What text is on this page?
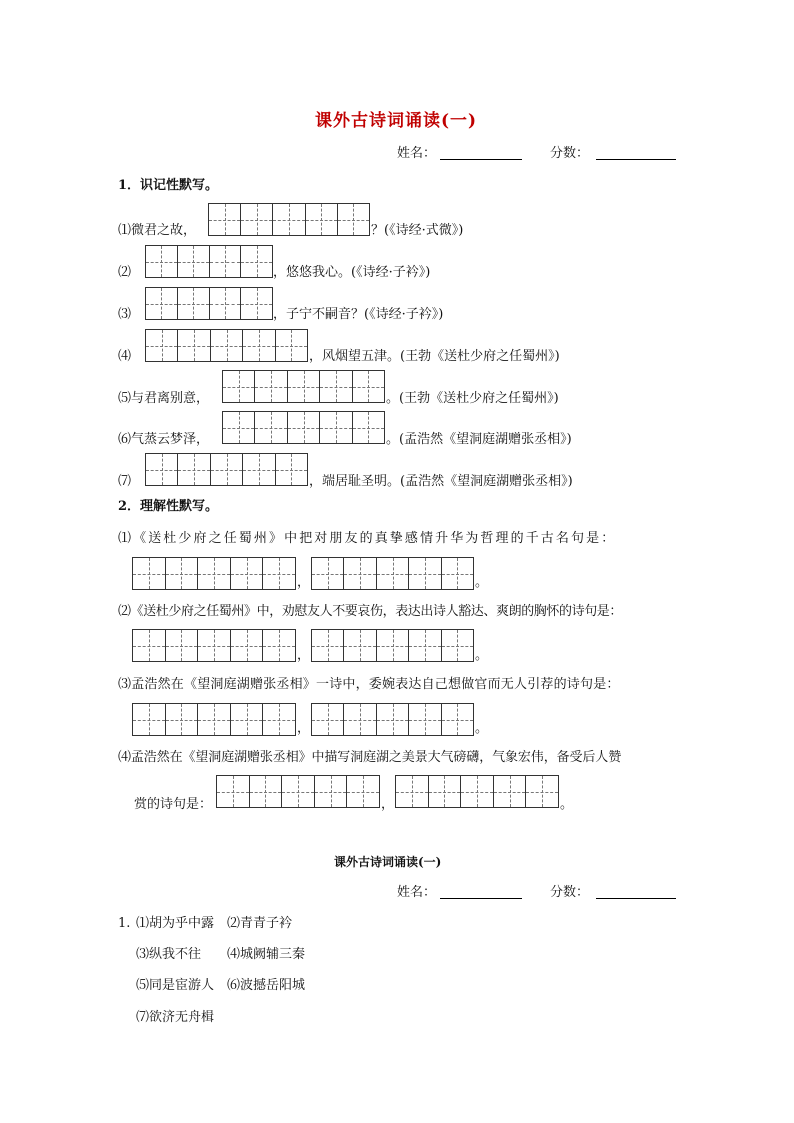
课外古诗词诵读(一)
姓名：	分数：
1．识记性默写。
⑴微君之故，	？(《诗经·式微》)
⑵	，悠悠我心。(《诗经·子衿》)
⑶	，子宁不嗣音？(《诗经·子衿》)
⑷	，风烟望五津。(王勃《送杜少府之任蜀州》)
⑸与君离别意，	。(王勃《送杜少府之任蜀州》)
⑹气蒸云梦泽，	。(孟浩然《望洞庭湖赠张丞相》)
⑺	，端居耻圣明。(孟浩然《望洞庭湖赠张丞相》)
2．理解性默写。
⑴《送杜少府之任蜀州》中把对朋友的真挚感情升华为哲理的千古名句是：
，	。
⑵《送杜少府之任蜀州》中，劝慰友人不要哀伤，表达出诗人豁达、爽朗的胸怀的诗句是：
，	。
⑶孟浩然在《望洞庭湖赠张丞相》一诗中，委婉表达自己想做官而无人引荐的诗句是：
，	。
⑷孟浩然在《望洞庭湖赠张丞相》中描写洞庭湖之美景大气磅礴，气象宏伟，备受后人赞
赏的诗句是：	，	。
课外古诗词诵读(一)
姓名：	分数：
1. ⑴胡为乎中露　⑵青青子衿
⑶纵我不往　　⑷城阙辅三秦
⑸同是宦游人　⑹波撼岳阳城
⑺欲济无舟楫
